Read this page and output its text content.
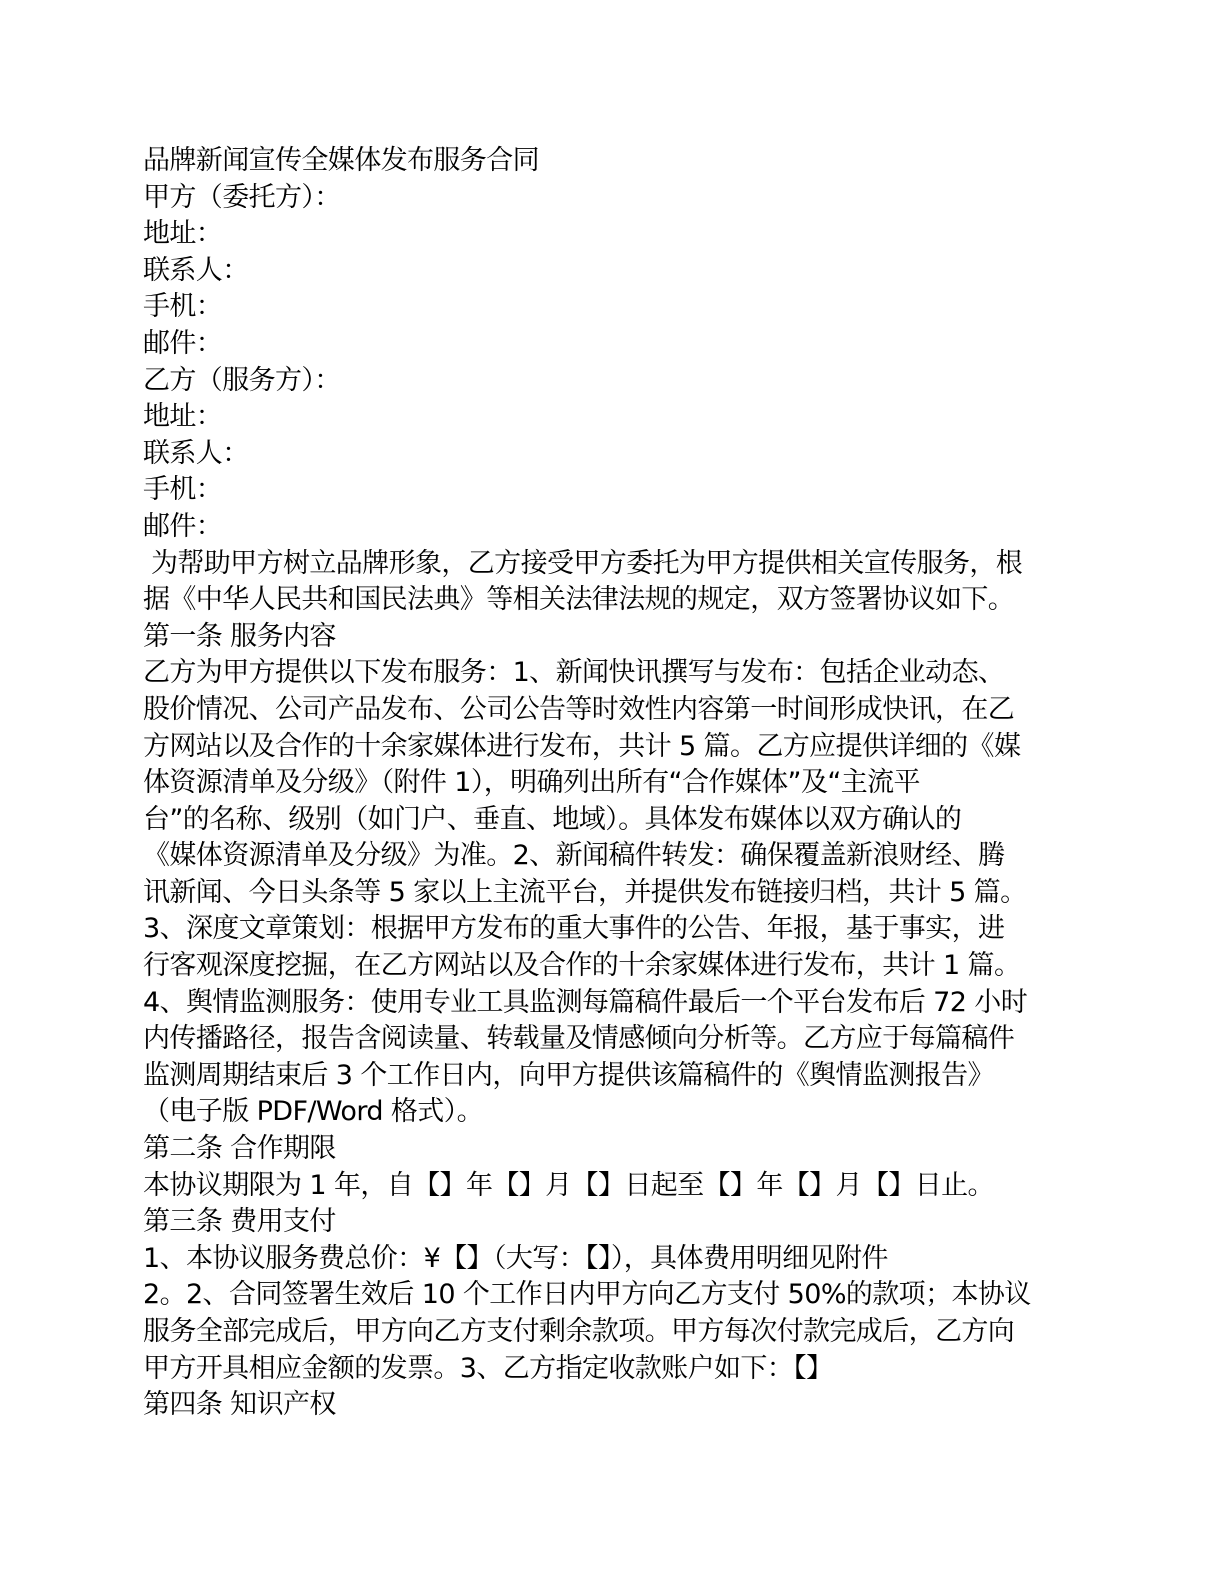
品牌新闻宣传全媒体发布服务合同
甲方（委托方）：
地址：
联系人：
手机：
邮件：
乙方（服务方）：
地址：
联系人：
手机：
邮件：
为帮助甲方树立品牌形象，乙方接受甲方委托为甲方提供相关宣传服务，根
据《中华人民共和国民法典》等相关法律法规的规定，双方签署协议如下。
第一条 服务内容
乙方为甲方提供以下发布服务：1、新闻快讯撰写与发布：包括企业动态、
股价情况、公司产品发布、公司公告等时效性内容第一时间形成快讯，在乙
方网站以及合作的十余家媒体进行发布，共计 5 篇。乙方应提供详细的《媒
体资源清单及分级》（附件 1），明确列出所有“合作媒体”及“主流平
台”的名称、级别（如门户、垂直、地域）。具体发布媒体以双方确认的
《媒体资源清单及分级》为准。2、新闻稿件转发：确保覆盖新浪财经、腾
讯新闻、今日头条等 5 家以上主流平台，并提供发布链接归档，共计 5 篇。
3、深度文章策划：根据甲方发布的重大事件的公告、年报，基于事实，进
行客观深度挖掘，在乙方网站以及合作的十余家媒体进行发布，共计 1 篇。
4、舆情监测服务：使用专业工具监测每篇稿件最后一个平台发布后 72 小时
内传播路径，报告含阅读量、转载量及情感倾向分析等。乙方应于每篇稿件
监测周期结束后 3 个工作日内，向甲方提供该篇稿件的《舆情监测报告》
（电子版 PDF/Word 格式）。
第二条 合作期限
本协议期限为 1 年，自【】年【】月【】日起至【】年【】月【】日止。
第三条 费用支付
1、本协议服务费总价：¥【】（大写：【】），具体费用明细见附件
2。2、合同签署生效后 10 个工作日内甲方向乙方支付 50%的款项；本协议
服务全部完成后，甲方向乙方支付剩余款项。甲方每次付款完成后，乙方向
甲方开具相应金额的发票。3、乙方指定收款账户如下：【】
第四条 知识产权
